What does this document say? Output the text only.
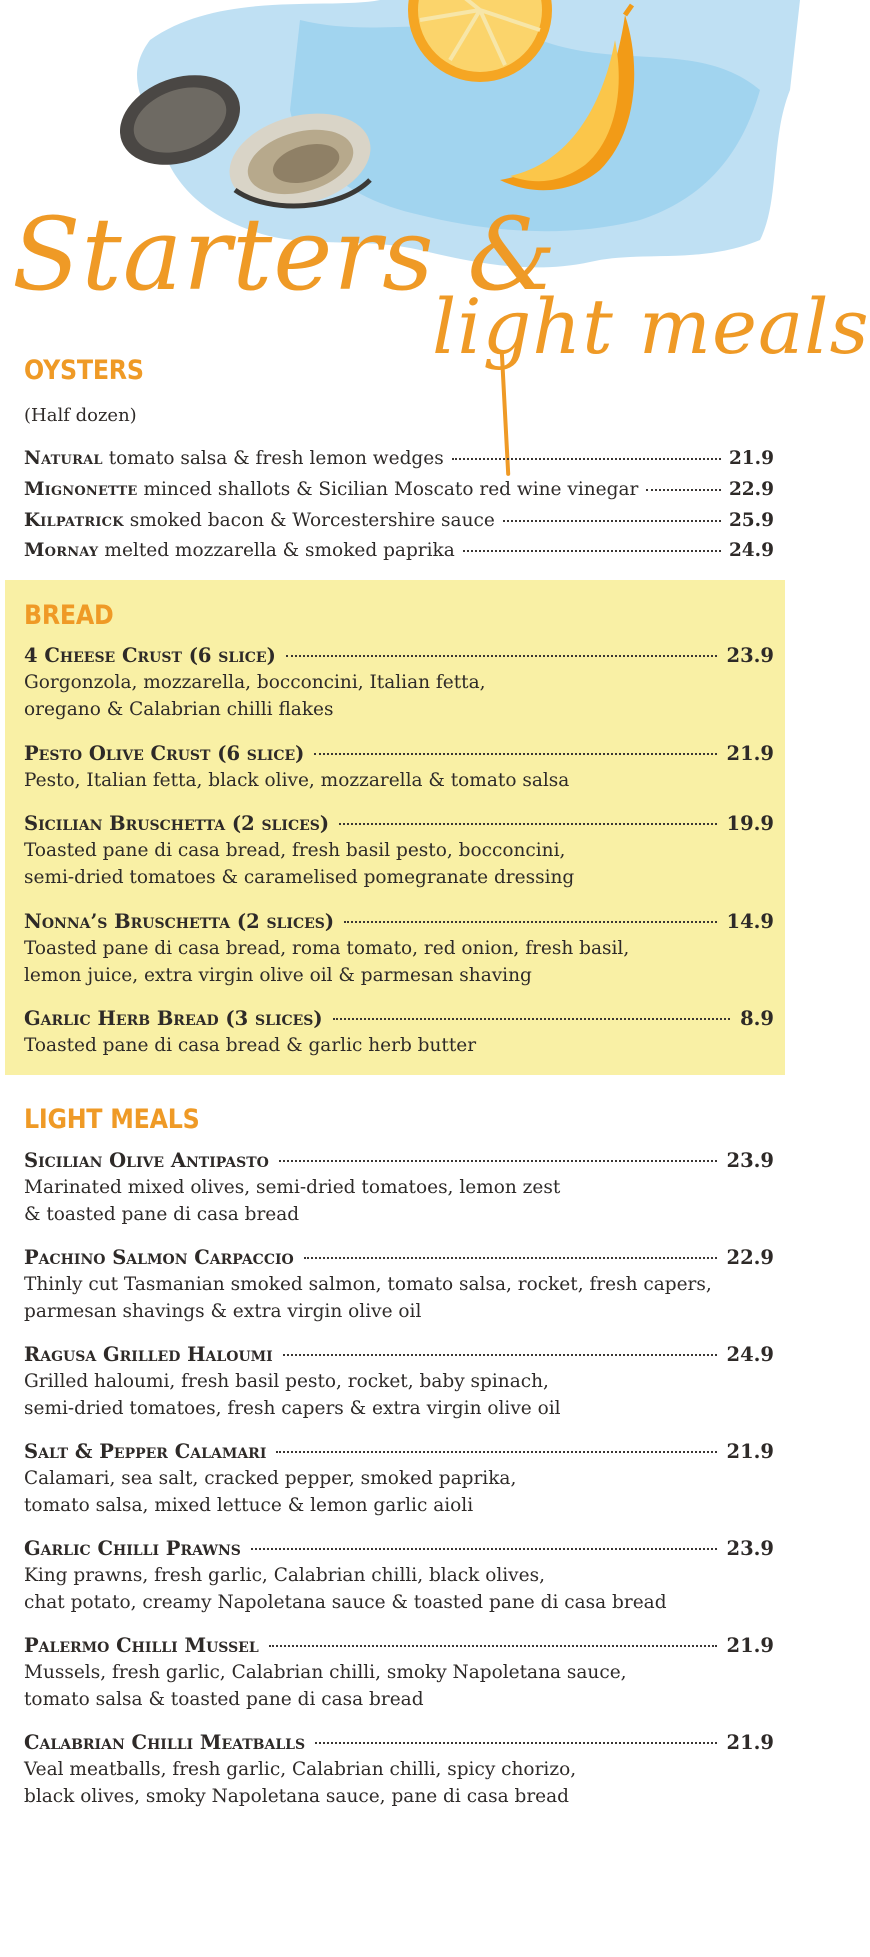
Starters &
light meals
OYSTERS
(Half dozen)
Natural tomato salsa & fresh lemon wedges	21.9
Mignonette minced shallots & Sicilian Moscato red wine vinegar	22.9
Kilpatrick smoked bacon & Worcestershire sauce	25.9
Mornay melted mozzarella & smoked paprika	24.9
BREAD
4 Cheese Crust (6 slice)	23.9
Gorgonzola, mozzarella, bocconcini, Italian fetta,
oregano & Calabrian chilli flakes
Pesto Olive Crust (6 slice)	21.9
Pesto, Italian fetta, black olive, mozzarella & tomato salsa
Sicilian Bruschetta (2 slices)	19.9
Toasted pane di casa bread, fresh basil pesto, bocconcini,
semi-dried tomatoes & caramelised pomegranate dressing
Nonna’s Bruschetta (2 slices)	14.9
Toasted pane di casa bread, roma tomato, red onion, fresh basil,
lemon juice, extra virgin olive oil & parmesan shaving
Garlic Herb Bread (3 slices)	8.9
Toasted pane di casa bread & garlic herb butter
LIGHT MEALS
Sicilian Olive Antipasto	23.9
Marinated mixed olives, semi-dried tomatoes, lemon zest
& toasted pane di casa bread
Pachino Salmon Carpaccio	22.9
Thinly cut Tasmanian smoked salmon, tomato salsa, rocket, fresh capers,
parmesan shavings & extra virgin olive oil
Ragusa Grilled Haloumi	24.9
Grilled haloumi, fresh basil pesto, rocket, baby spinach,
semi-dried tomatoes, fresh capers & extra virgin olive oil
Salt & Pepper Calamari	21.9
Calamari, sea salt, cracked pepper, smoked paprika,
tomato salsa, mixed lettuce & lemon garlic aioli
Garlic Chilli Prawns	23.9
King prawns, fresh garlic, Calabrian chilli, black olives,
chat potato, creamy Napoletana sauce & toasted pane di casa bread
Palermo Chilli Mussel	21.9
Mussels, fresh garlic, Calabrian chilli, smoky Napoletana sauce,
tomato salsa & toasted pane di casa bread
Calabrian Chilli Meatballs	21.9
Veal meatballs, fresh garlic, Calabrian chilli, spicy chorizo,
black olives, smoky Napoletana sauce, pane di casa bread
